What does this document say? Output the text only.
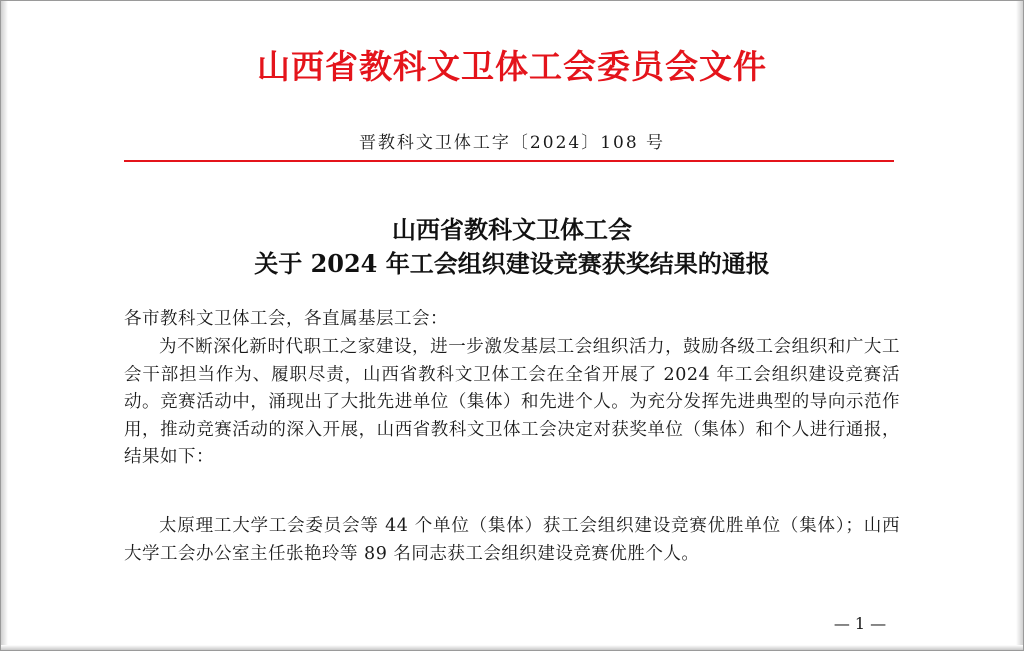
山西省教科文卫体工会委员会文件
晋教科文卫体工字〔2024〕108 号
山西省教科文卫体工会
关于 2024 年工会组织建设竞赛获奖结果的通报
各市教科文卫体工会，各直属基层工会：

为不断深化新时代职工之家建设，进一步激发基层工会组织活力，鼓励各级工会组织和广大工会干部担当作为、履职尽责，山西省教科文卫体工会在全省开展了 2024 年工会组织建设竞赛活动。竞赛活动中，涌现出了大批先进单位（集体）和先进个人。为充分发挥先进典型的导向示范作用，推动竞赛活动的深入开展，山西省教科文卫体工会决定对获奖单位（集体）和个人进行通报，结果如下：

太原理工大学工会委员会等 44 个单位（集体）获工会组织建设竞赛优胜单位（集体）；山西大学工会办公室主任张艳玲等 89 名同志获工会组织建设竞赛优胜个人。

— 1 —
